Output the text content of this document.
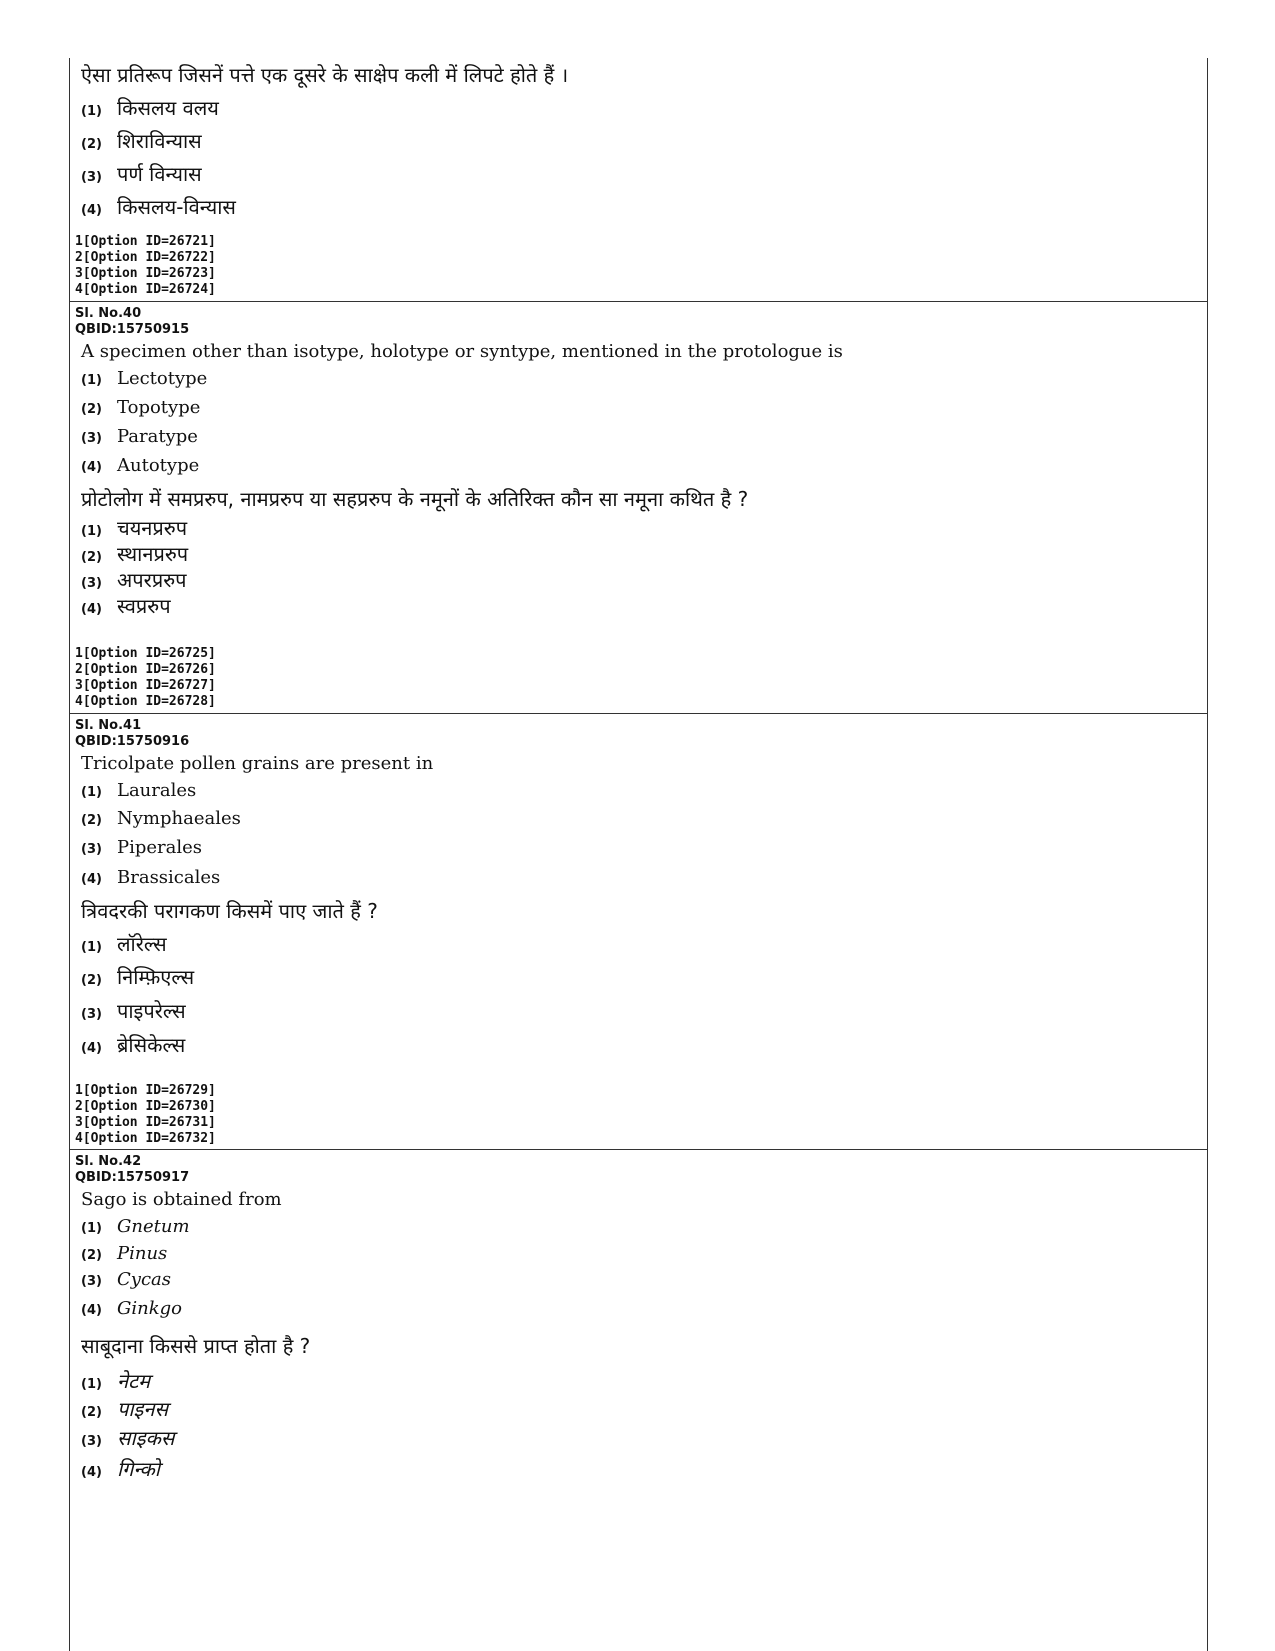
ऐसा प्रतिरूप जिसनें पत्ते एक दूसरे के साक्षेप कली में लिपटे होते हैं ।
(1) किसलय वलय
(2) शिराविन्यास
(3) पर्ण विन्यास
(4) किसलय-विन्यास
1[Option ID=26721]
2[Option ID=26722]
3[Option ID=26723]
4[Option ID=26724]
Sl. No.40
QBID:15750915
A specimen other than isotype, holotype or syntype, mentioned in the protologue is
(1) Lectotype
(2) Topotype
(3) Paratype
(4) Autotype
प्रोटोलोग में समप्ररुप, नामप्ररुप या सहप्ररुप के नमूनों के अतिरिक्त कौन सा नमूना कथित है ?
(1) चयनप्ररुप
(2) स्थानप्ररुप
(3) अपरप्ररुप
(4) स्वप्ररुप
1[Option ID=26725]
2[Option ID=26726]
3[Option ID=26727]
4[Option ID=26728]
Sl. No.41
QBID:15750916
Tricolpate pollen grains are present in
(1) Laurales
(2) Nymphaeales
(3) Piperales
(4) Brassicales
त्रिवदरकी परागकण किसमें पाए जाते हैं ?
(1) लॉरेल्स
(2) निम्फ़िएल्स
(3) पाइपरेल्स
(4) ब्रेसिकेल्स
1[Option ID=26729]
2[Option ID=26730]
3[Option ID=26731]
4[Option ID=26732]
Sl. No.42
QBID:15750917
Sago is obtained from
(1) Gnetum
(2) Pinus
(3) Cycas
(4) Ginkgo
साबूदाना किससे प्राप्त होता है ?
(1) नेटम
(2) पाइनस
(3) साइकस
(4) गिन्को
